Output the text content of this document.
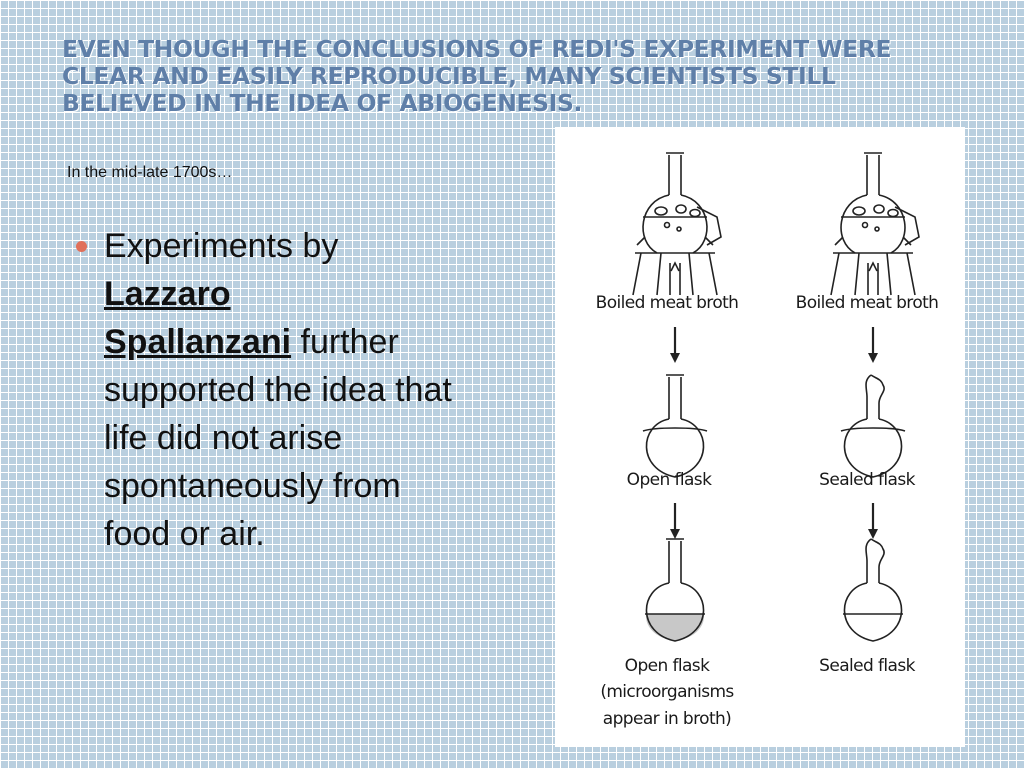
EVEN THOUGH THE CONCLUSIONS OF REDI'S EXPERIMENT WERE CLEAR AND EASILY REPRODUCIBLE, MANY SCIENTISTS STILL BELIEVED IN THE IDEA OF ABIOGENESIS.
In the mid-late 1700s…
Experiments by
Lazzaro
Spallanzani further supported the idea that life did not arise spontaneously from food or air.
Boiled meat broth
Open flask
Open flask
(microorganisms
appear in broth)
Boiled meat broth
Sealed flask
Sealed flask
